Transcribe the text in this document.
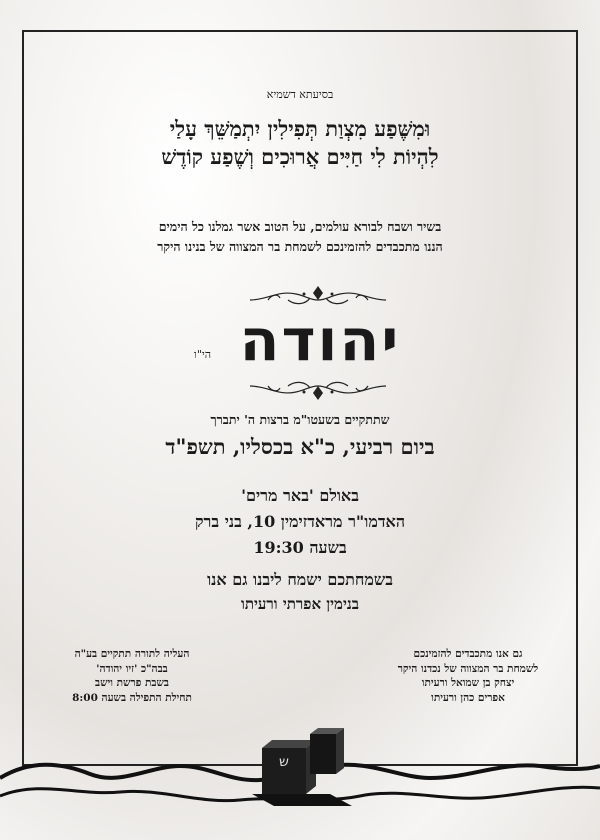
בסיעתא דשמיא
וּמִשֶּׁפַע מִצְוַת תְּפִילִין יִתְמַשֵּׁךְ עָלַי
לִהְיוֹת לִי חַיִּים אֲרוּכִים וְשֶׁפַע קוֹדֶשׁ
בשיר ושבח לבורא עולמים, על הטוב אשר גמלנו כל הימים
הננו מתכבדים להזמינכם לשמחת בר המצווה של בנינו היקר
יהודה
הי"ו
שתתקיים בשעטו"מ ברצות ה' יתברך
ביום רביעי, כ"א בכסליו, תשפ"ד
באולם 'באר מרים'
האדמו"ר מראדזימין 10, בני ברק
בשעה 19:30
בשמחתכם ישמח ליבנו גם אנו
בנימין אפרתי ורעיתו
גם אנו מתכבדים להזמינכם
לשמחת בר המצווה של נכדנו היקר
יצחק בן שמואל ורעיתו
אפרים כהן ורעיתו
העליה לתורה תתקיים בע"ה
בבה"כ 'זיו יהודה'
בשבת פרשת וישב
תחילת התפילה בשעה 8:00
ש
